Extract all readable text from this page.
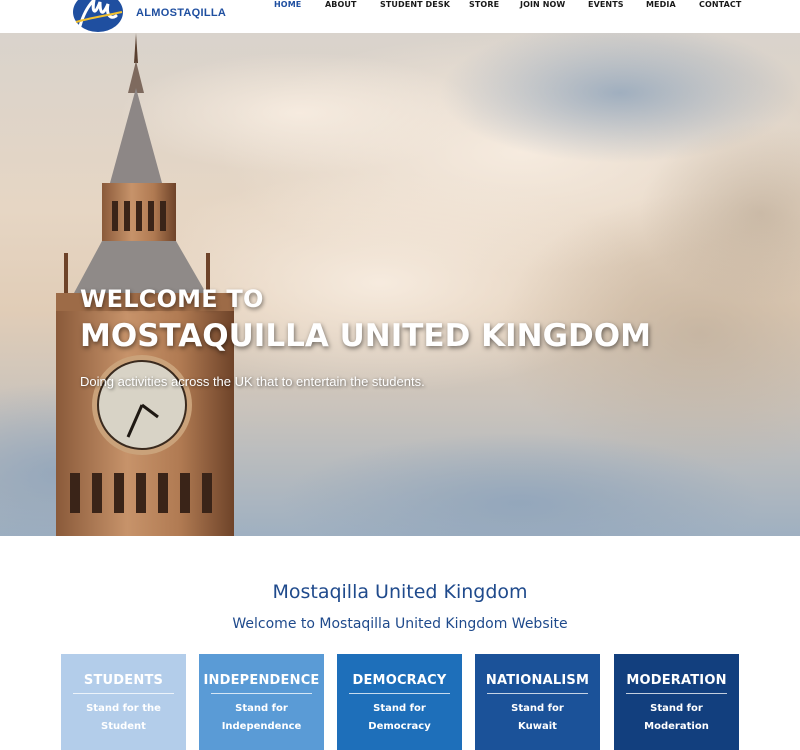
ALMOSTAQILLA
HOME	ABOUT	STUDENT DESK STORE	JOIN NOW	EVENTS	MEDIA	CONTACT
WELCOME TO
MOSTAQUILLA UNITED KINGDOM
Doing activities across the UK that to entertain the students.
Mostaqilla United Kingdom
Welcome to Mostaqilla United Kingdom Website
STUDENTS
Stand for the
Student
INDEPENDENCE
Stand for
Independence
DEMOCRACY
Stand for
Democracy
NATIONALISM
Stand for
Kuwait
MODERATION
Stand for
Moderation
